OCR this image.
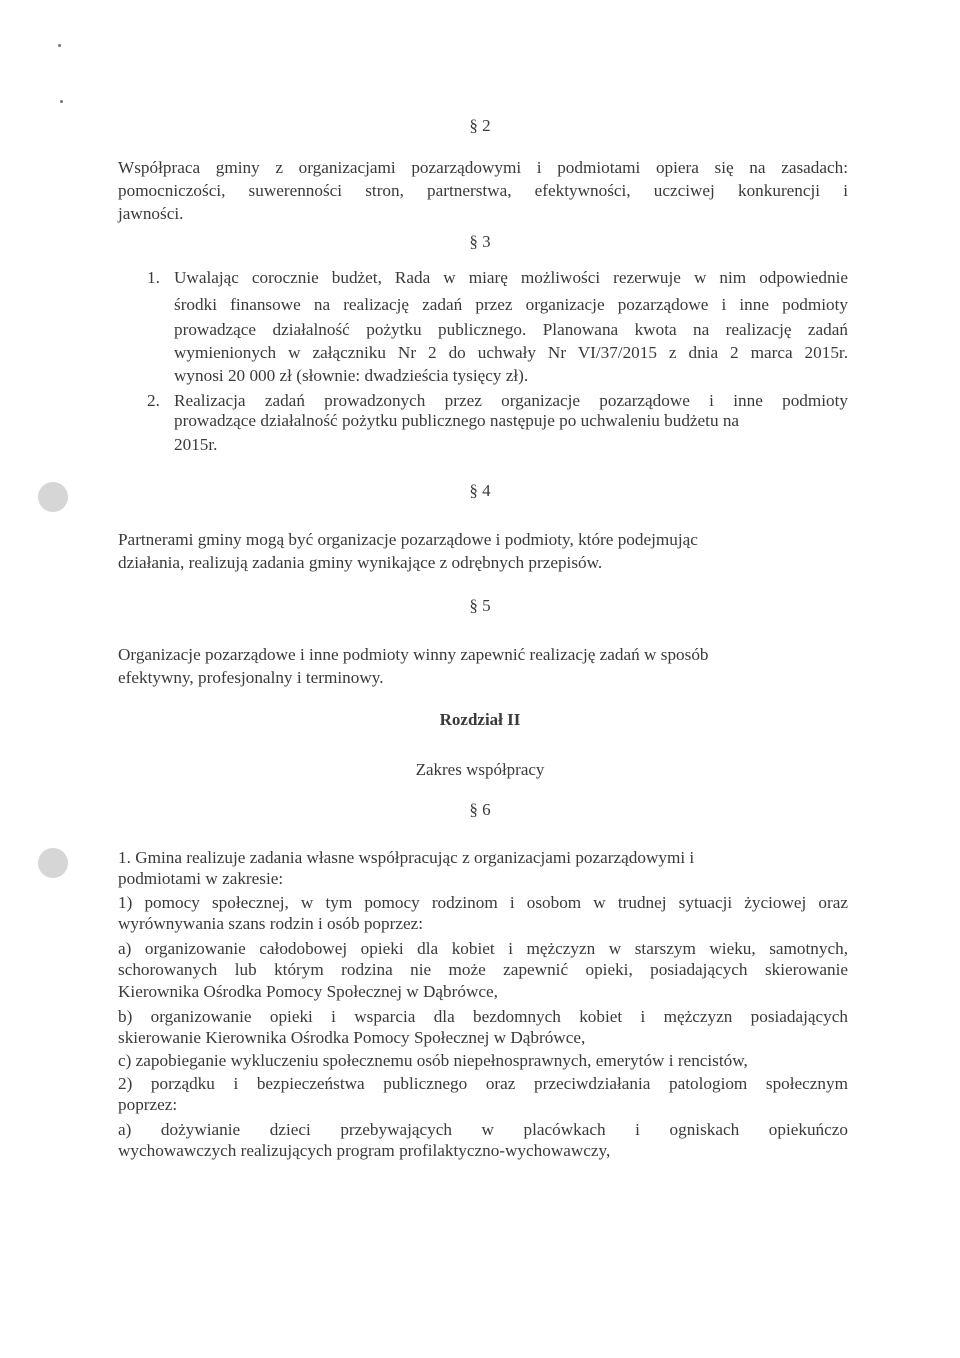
§ 2
Współpraca gminy z organizacjami pozarządowymi i podmiotami opiera się na zasadach:
pomocniczości, suwerenności stron, partnerstwa, efektywności, uczciwej konkurencji i
jawności.
§ 3
1. Uwalając corocznie budżet, Rada w miarę możliwości rezerwuje w nim odpowiednie
środki finansowe na realizację zadań przez organizacje pozarządowe i inne podmioty
prowadzące działalność pożytku publicznego. Planowana kwota na realizację zadań
wymienionych w załączniku Nr 2 do uchwały Nr VI/37/2015 z dnia 2 marca 2015r.
wynosi 20 000 zł (słownie: dwadzieścia tysięcy zł).
2. Realizacja zadań prowadzonych przez organizacje pozarządowe i inne podmioty
prowadzące działalność pożytku publicznego następuje po uchwaleniu budżetu na
2015r.
§ 4
Partnerami gminy mogą być organizacje pozarządowe i podmioty, które podejmując
działania, realizują zadania gminy wynikające z odrębnych przepisów.
§ 5
Organizacje pozarządowe i inne podmioty winny zapewnić realizację zadań w sposób
efektywny, profesjonalny i terminowy.
Rozdział II
Zakres współpracy
§ 6
1. Gmina realizuje zadania własne współpracując z organizacjami pozarządowymi i
podmiotami w zakresie:
1) pomocy społecznej, w tym pomocy rodzinom i osobom w trudnej sytuacji życiowej oraz
wyrównywania szans rodzin i osób poprzez:
a) organizowanie całodobowej opieki dla kobiet i mężczyzn w starszym wieku, samotnych,
schorowanych lub którym rodzina nie może zapewnić opieki, posiadających skierowanie
Kierownika Ośrodka Pomocy Społecznej w Dąbrówce,
b) organizowanie opieki i wsparcia dla bezdomnych kobiet i mężczyzn posiadających
skierowanie Kierownika Ośrodka Pomocy Społecznej w Dąbrówce,
c) zapobieganie wykluczeniu społecznemu osób niepełnosprawnych, emerytów i rencistów,
2) porządku i bezpieczeństwa publicznego oraz przeciwdziałania patologiom społecznym
poprzez:
a) dożywianie dzieci przebywających w placówkach i ogniskach opiekuńczo
wychowawczych realizujących program profilaktyczno-wychowawczy,
